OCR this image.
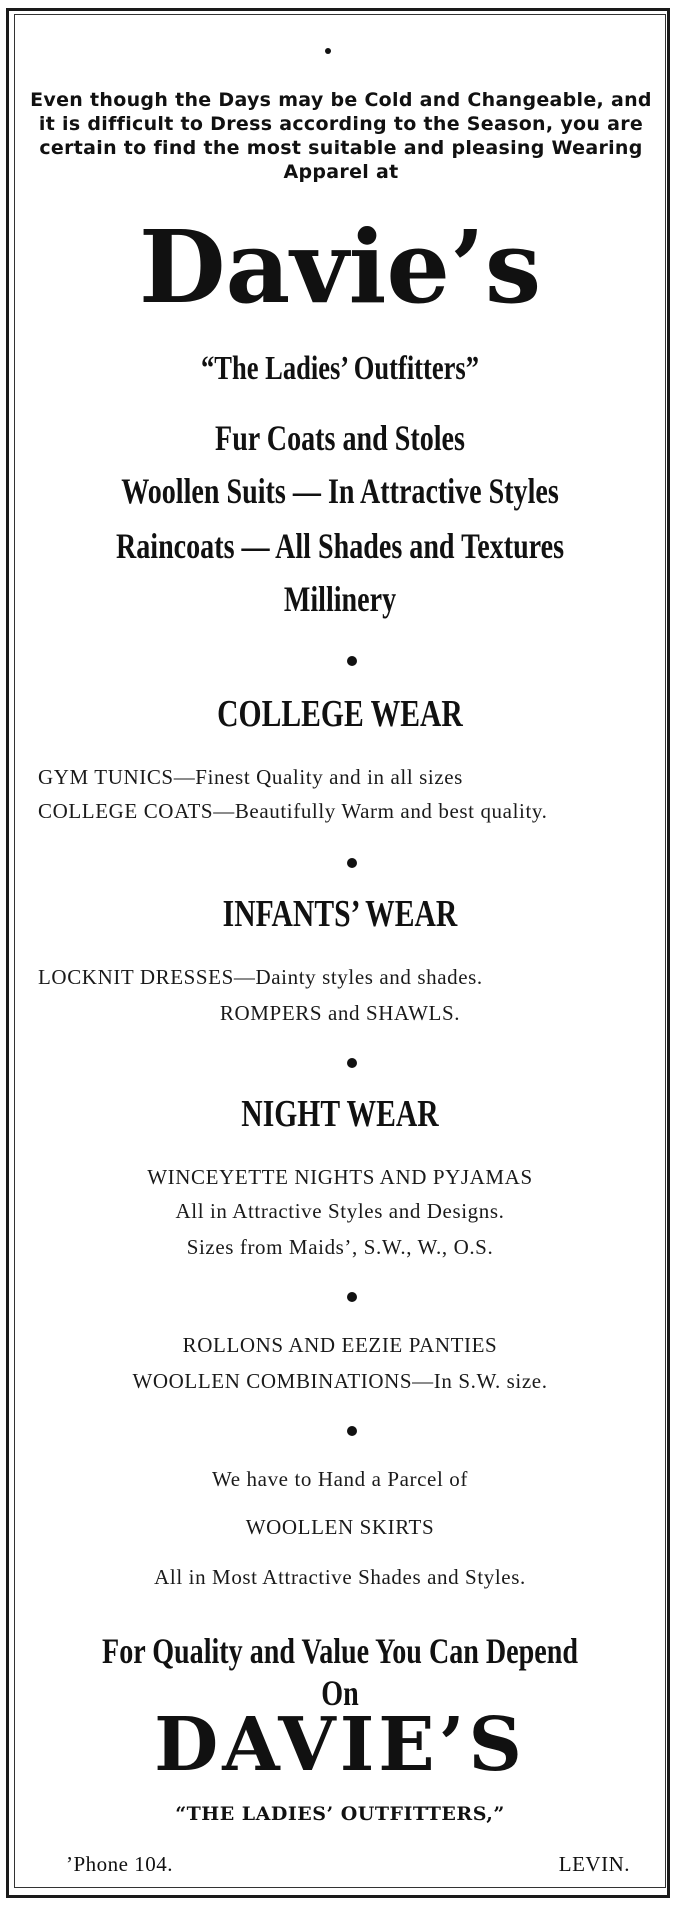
Even though the Days may be Cold and Changeable, and it is difficult to Dress according to the Season, you are certain to find the most suitable and pleasing Wearing Apparel at
Davie’s
“The Ladies’ Outfitters”
Fur Coats and Stoles
Woollen Suits — In Attractive Styles
Raincoats — All Shades and Textures
Millinery
COLLEGE WEAR
GYM TUNICS—Finest Quality and in all sizes
COLLEGE COATS—Beautifully Warm and best quality.
INFANTS’ WEAR
LOCKNIT DRESSES—Dainty styles and shades.
ROMPERS and SHAWLS.
NIGHT WEAR
WINCEYETTE NIGHTS AND PYJAMAS
All in Attractive Styles and Designs.
Sizes from Maids’, S.W., W., O.S.
ROLLONS AND EEZIE PANTIES
WOOLLEN COMBINATIONS—In S.W. size.
We have to Hand a Parcel of
WOOLLEN SKIRTS
All in Most Attractive Shades and Styles.
For Quality and Value You Can Depend On
DAVIE’S
“THE LADIES’ OUTFITTERS,”
’Phone 104.	LEVIN.
